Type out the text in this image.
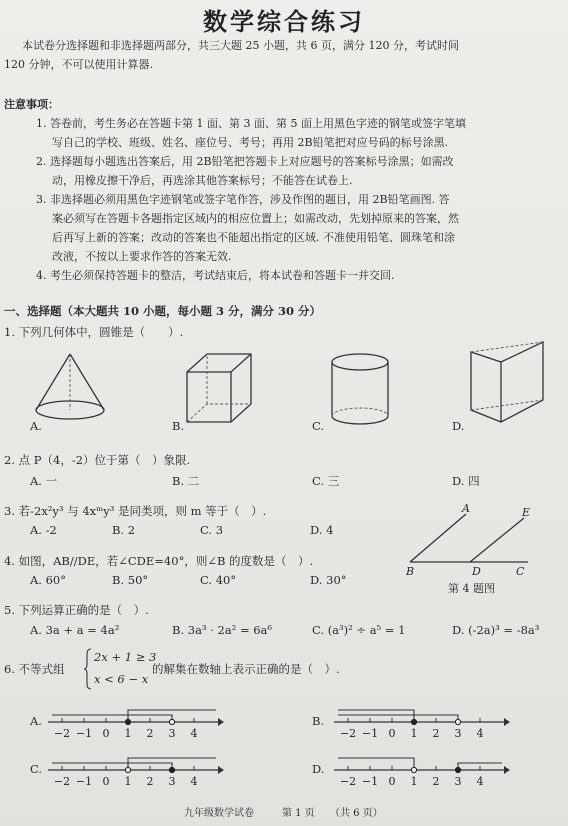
数学综合练习
本试卷分选择题和非选择题两部分，共三大题 25 小题，共 6 页，满分 120 分，考试时间
120 分钟，不可以使用计算器.
注意事项：
1. 答卷前，考生务必在答题卡第 1 面、第 3 面、第 5 面上用黑色字迹的钢笔或签字笔填
写自己的学校、班级、姓名、座位号、考号；再用 2B铅笔把对应号码的标号涂黑.
2. 选择题每小题选出答案后，用 2B铅笔把答题卡上对应题号的答案标号涂黑；如需改
动，用橡皮擦干净后，再选涂其他答案标号；不能答在试卷上.
3. 非选择题必须用黑色字迹钢笔或签字笔作答，涉及作图的题目，用 2B铅笔画图. 答
案必须写在答题卡各题指定区域内的相应位置上；如需改动，先划掉原来的答案，然
后再写上新的答案；改动的答案也不能超出指定的区域. 不准使用铅笔、圆珠笔和涂
改液，不按以上要求作答的答案无效.
4. 考生必须保持答题卡的整洁，考试结束后，将本试卷和答题卡一并交回.
一、选择题（本大题共 10 小题，每小题 3 分，满分 30 分）
1. 下列几何体中，圆锥是（　　）.
A.	B.	C.	D.
2. 点 P（4，-2）位于第（　）象限.
A. 一	B. 二	C. 三	D. 四
3. 若-2x²y³ 与 4xᵐy³ 是同类项，则 m 等于（　）.
A. -2	B. 2	C. 3	D. 4
4. 如图，AB//DE，若∠CDE=40°，则∠B 的度数是（　）.
A. 60°	B. 50°	C. 40°	D. 30°
A	E
B	D	C
第 4 题图
5. 下列运算正确的是（　）.
A. 3a + a = 4a²	B. 3a³ · 2a² = 6a⁶	C. (a³)² ÷ a⁵ = 1	D. (-2a)³ = -8a³
6. 不等式组
2x + 1 ≥ 3
x < 6 − x
的解集在数轴上表示正确的是（　）.
A.	B.
C.	D.
−2 −1 0 1 2 3 4	−2 −1 0 1 2 3 4
−2 −1 0 1 2 3 4	−2 −1 0 1 2 3 4
九年级数学试卷	第 1 页 （共 6 页）
